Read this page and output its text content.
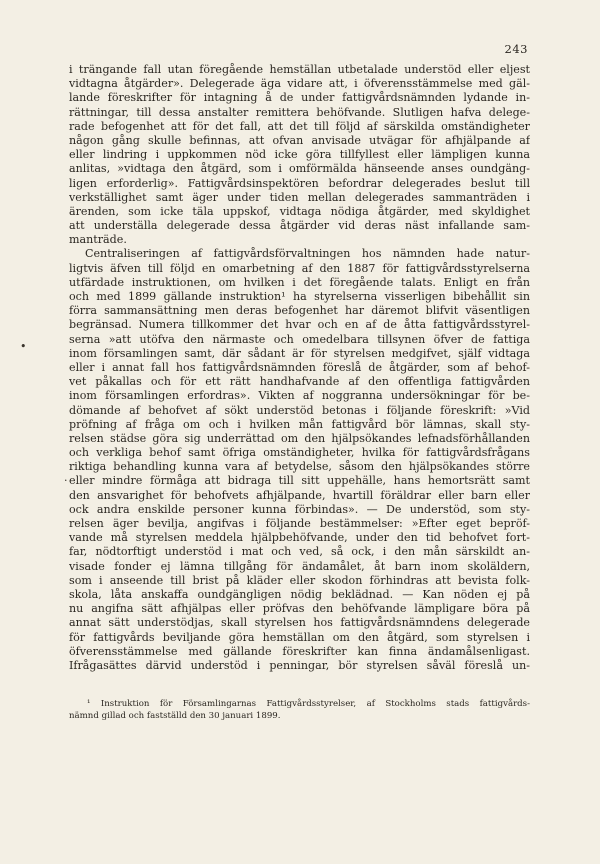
243
i trängande fall utan föregående hemställan utbetalade understöd eller eljest
vidtagna åtgärder». Delegerade äga vidare att, i öfverensstämmelse med gäl-
lande föreskrifter för intagning å de under fattigvårdsnämnden lydande in-
rättningar, till dessa anstalter remittera behöfvande. Slutligen hafva delege-
rade befogenhet att för det fall, att det till följd af särskilda omständigheter
någon gång skulle befinnas, att ofvan anvisade utvägar för afhjälpande af
eller lindring i uppkommen nöd icke göra tillfyllest eller lämpligen kunna
anlitas, »vidtaga den åtgärd, som i omförmälda hänseende anses oundgäng-
ligen erforderlig». Fattigvårdsinspektören befordrar delegerades beslut till
verkställighet samt äger under tiden mellan delegerades sammanträden i
ärenden, som icke täla uppskof, vidtaga nödiga åtgärder, med skyldighet
att underställa delegerade dessa åtgärder vid deras näst infallande sam-
manträde.
Centraliseringen af fattigvårdsförvaltningen hos nämnden hade natur-
ligtvis äfven till följd en omarbetning af den 1887 för fattigvårdsstyrelserna
utfärdade instruktionen, om hvilken i det föregående talats. Enligt en från
och med 1899 gällande instruktion¹ ha styrelserna visserligen bibehållit sin
förra sammansättning men deras befogenhet har däremot blifvit väsentligen
begränsad. Numera tillkommer det hvar och en af de åtta fattigvårdsstyrel-
serna »att utöfva den närmaste och omedelbara tillsynen öfver de fattiga
inom församlingen samt, där sådant är för styrelsen medgifvet, själf vidtaga
eller i annat fall hos fattigvårdsnämnden föreslå de åtgärder, som af behof-
vet påkallas och för ett rätt handhafvande af den offentliga fattigvården
inom församlingen erfordras». Vikten af noggranna undersökningar för be-
dömande af behofvet af sökt understöd betonas i följande föreskrift: »Vid
pröfning af fråga om och i hvilken mån fattigvård bör lämnas, skall sty-
relsen städse göra sig underrättad om den hjälpsökandes lefnadsförhållanden
och verkliga behof samt öfriga omständigheter, hvilka för fattigvårdsfrågans
riktiga behandling kunna vara af betydelse, såsom den hjälpsökandes större
eller mindre förmåga att bidraga till sitt uppehälle, hans hemortsrätt samt
den ansvarighet för behofvets afhjälpande, hvartill föräldrar eller barn eller
ock andra enskilde personer kunna förbindas». — De understöd, som sty-
relsen äger bevilja, angifvas i följande bestämmelser: »Efter eget bepröf-
vande må styrelsen meddela hjälpbehöfvande, under den tid behofvet fort-
far, nödtorftigt understöd i mat och ved, så ock, i den mån särskildt an-
visade fonder ej lämna tillgång för ändamålet, åt barn inom skoläldern,
som i anseende till brist på kläder eller skodon förhindras att bevista folk-
skola, låta anskaffa oundgängligen nödig beklädnad. — Kan nöden ej på
nu angifna sätt afhjälpas eller pröfvas den behöfvande lämpligare böra på
annat sätt understödjas, skall styrelsen hos fattigvårdsnämndens delegerade
för fattigvårds beviljande göra hemställan om den åtgärd, som styrelsen i
öfverensstämmelse med gällande föreskrifter kan finna ändamålsenligast.
Ifrågasättes därvid understöd i penningar, bör styrelsen såväl föreslå un-
¹ Instruktion för Församlingarnas Fattigvårdsstyrelser, af Stockholms stads fattigvårds-
nämnd gillad och fastställd den 30 januari 1899.
•
·
